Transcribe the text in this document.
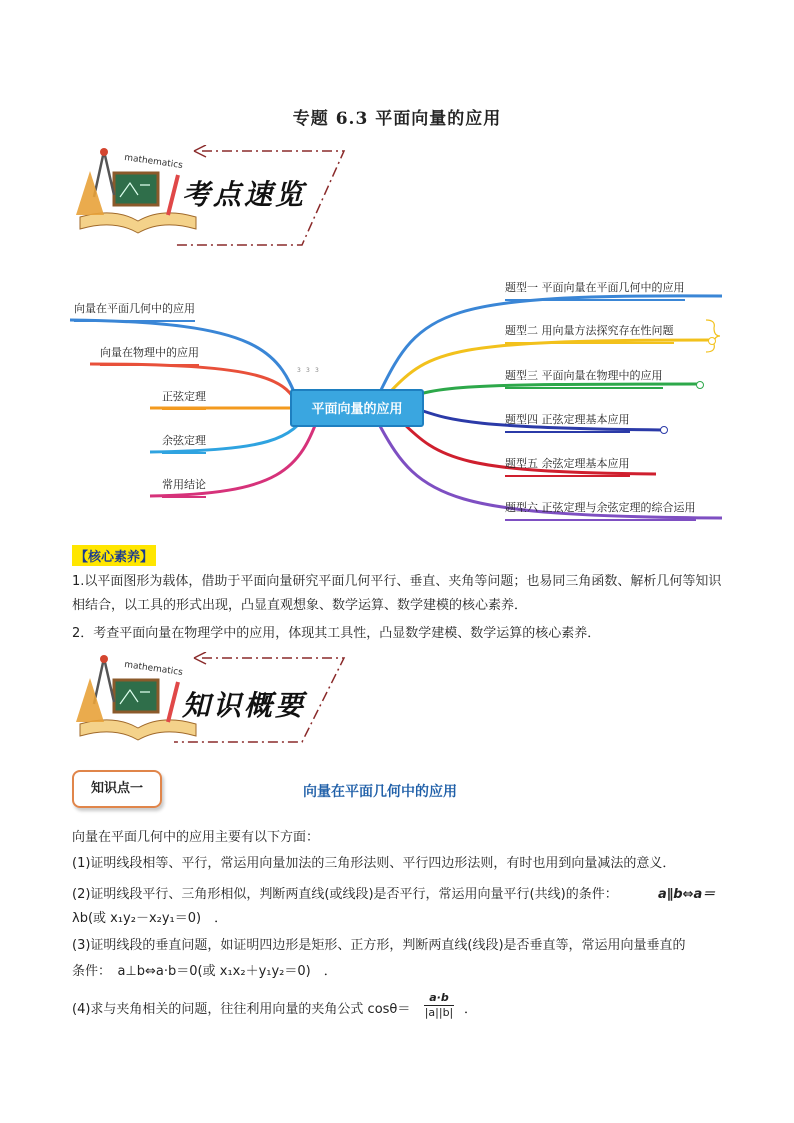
专题 6.3 平面向量的应用
mathematics
考点速览
3 3 3
平面向量的应用
向量在平面几何中的应用
向量在物理中的应用
正弦定理
余弦定理
常用结论
题型一 平面向量在平面几何中的应用
题型二 用向量方法探究存在性问题
题型三 平面向量在物理中的应用
题型四 正弦定理基本应用
题型五 余弦定理基本应用
题型六 正弦定理与余弦定理的综合运用
【核心素养】
1.以平面图形为载体，借助于平面向量研究平面几何平行、垂直、夹角等问题；也易同三角函数、解析几何等知识相结合，以工具的形式出现，凸显直观想象、数学运算、数学建模的核心素养．
2．考查平面向量在物理学中的应用，体现其工具性，凸显数学建模、数学运算的核心素养．
mathematics
知识概要
知识点一	向量在平面几何中的应用
向量在平面几何中的应用主要有以下方面：
(1)证明线段相等、平行，常运用向量加法的三角形法则、平行四边形法则，有时也用到向量减法的意义．
(2)证明线段平行、三角形相似，判断两直线(或线段)是否平行，常运用向量平行(共线)的条件：	a∥b⇔a＝
λb(或 x₁y₂－x₂y₁＝0)　．
(3)证明线段的垂直问题，如证明四边形是矩形、正方形，判断两直线(线段)是否垂直等，常运用向量垂直的
条件：　a⊥b⇔a·b＝0(或 x₁x₂＋y₁y₂＝0)　．
(4)求与夹角相关的问题，往往利用向量的夹角公式 cosθ＝	$\frac{a\cdot b}{|a||b|}$ ．
